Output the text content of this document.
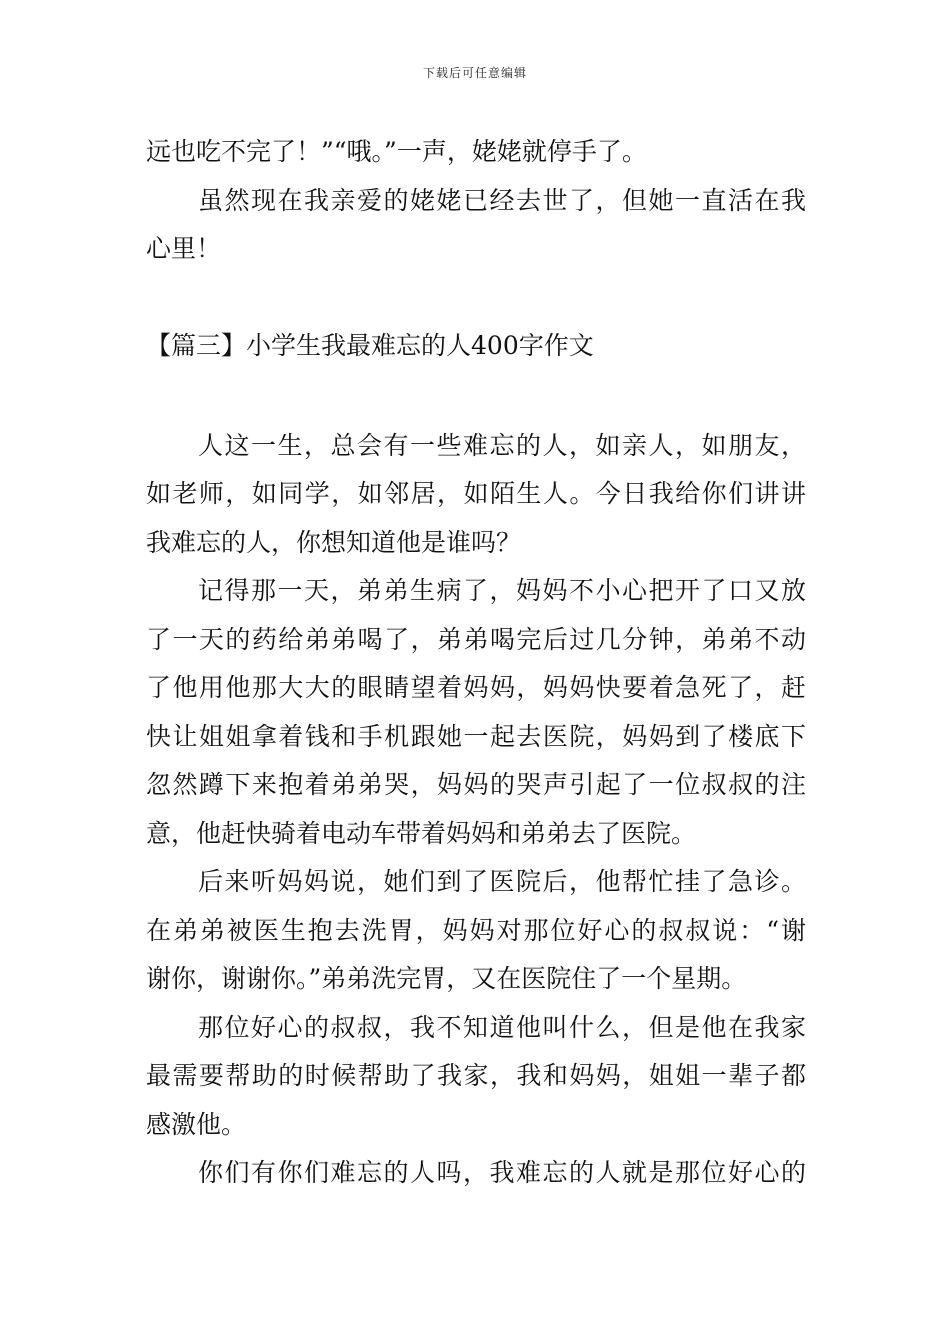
下载后可任意编辑
远也吃不完了！”“哦。”一声，姥姥就停手了。
虽然现在我亲爱的姥姥已经去世了，但她一直活在我
心里！
【篇三】小学生我最难忘的人400字作文
人这一生，总会有一些难忘的人，如亲人，如朋友，
如老师，如同学，如邻居，如陌生人。今日我给你们讲讲
我难忘的人，你想知道他是谁吗？
记得那一天，弟弟生病了，妈妈不小心把开了口又放
了一天的药给弟弟喝了，弟弟喝完后过几分钟，弟弟不动
了他用他那大大的眼睛望着妈妈，妈妈快要着急死了，赶
快让姐姐拿着钱和手机跟她一起去医院，妈妈到了楼底下
忽然蹲下来抱着弟弟哭，妈妈的哭声引起了一位叔叔的注
意，他赶快骑着电动车带着妈妈和弟弟去了医院。
后来听妈妈说，她们到了医院后，他帮忙挂了急诊。
在弟弟被医生抱去洗胃，妈妈对那位好心的叔叔说：“谢
谢你，谢谢你。”弟弟洗完胃，又在医院住了一个星期。
那位好心的叔叔，我不知道他叫什么，但是他在我家
最需要帮助的时候帮助了我家，我和妈妈，姐姐一辈子都
感激他。
你们有你们难忘的人吗，我难忘的人就是那位好心的
